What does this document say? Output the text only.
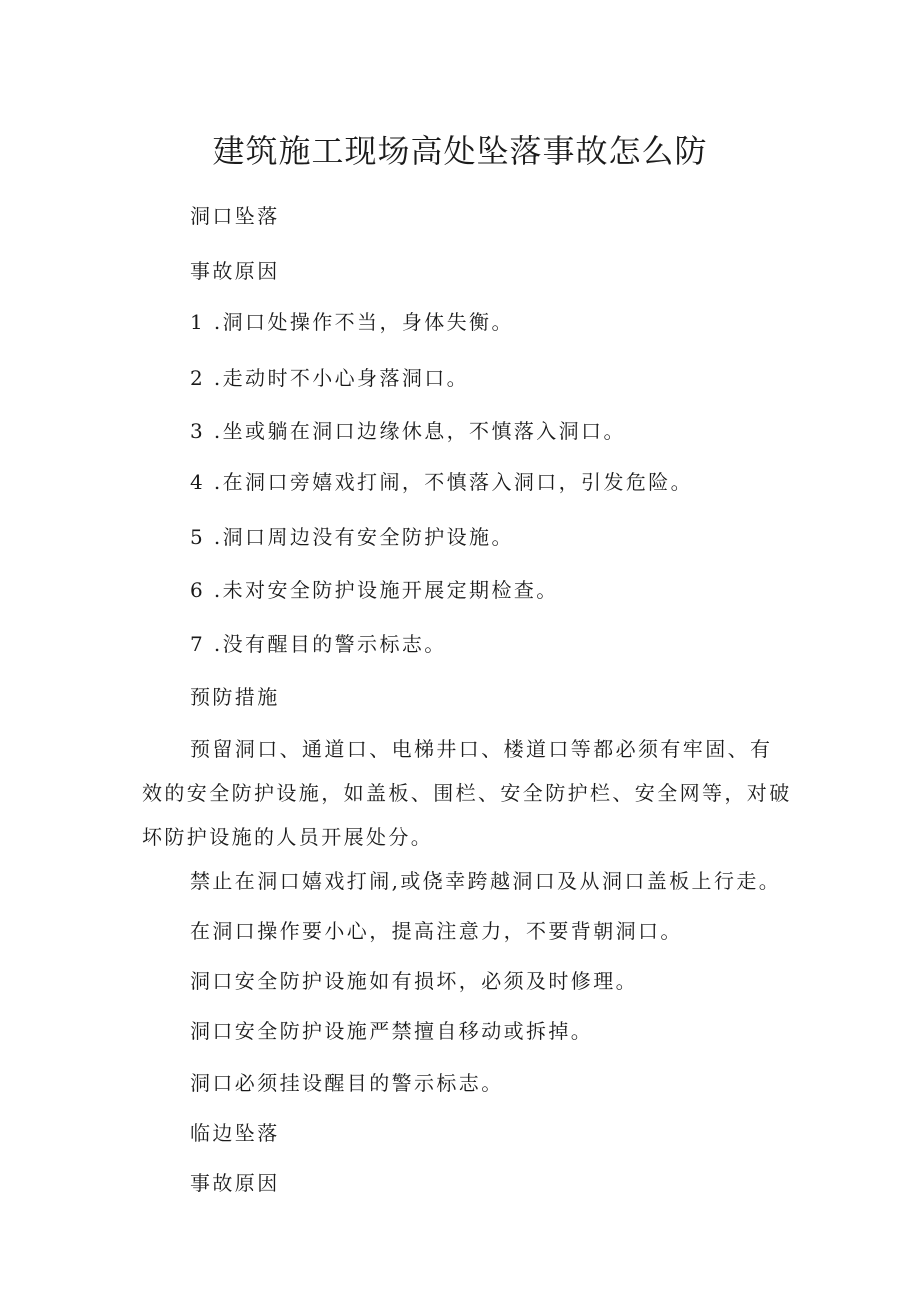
建筑施工现场高处坠落事故怎么防
洞口坠落
事故原因
1 .洞口处操作不当，身体失衡。
2 .走动时不小心身落洞口。
3 .坐或躺在洞口边缘休息，不慎落入洞口。
4 .在洞口旁嬉戏打闹，不慎落入洞口，引发危险。
5 .洞口周边没有安全防护设施。
6 .未对安全防护设施开展定期检查。
7 .没有醒目的警示标志。
预防措施
预留洞口、通道口、电梯井口、楼道口等都必须有牢固、有效的安全防护设施，如盖板、围栏、安全防护栏、安全网等，对破坏防护设施的人员开展处分。
禁止在洞口嬉戏打闹,或侥幸跨越洞口及从洞口盖板上行走。
在洞口操作要小心，提高注意力，不要背朝洞口。
洞口安全防护设施如有损坏，必须及时修理。
洞口安全防护设施严禁擅自移动或拆掉。
洞口必须挂设醒目的警示标志。
临边坠落
事故原因
